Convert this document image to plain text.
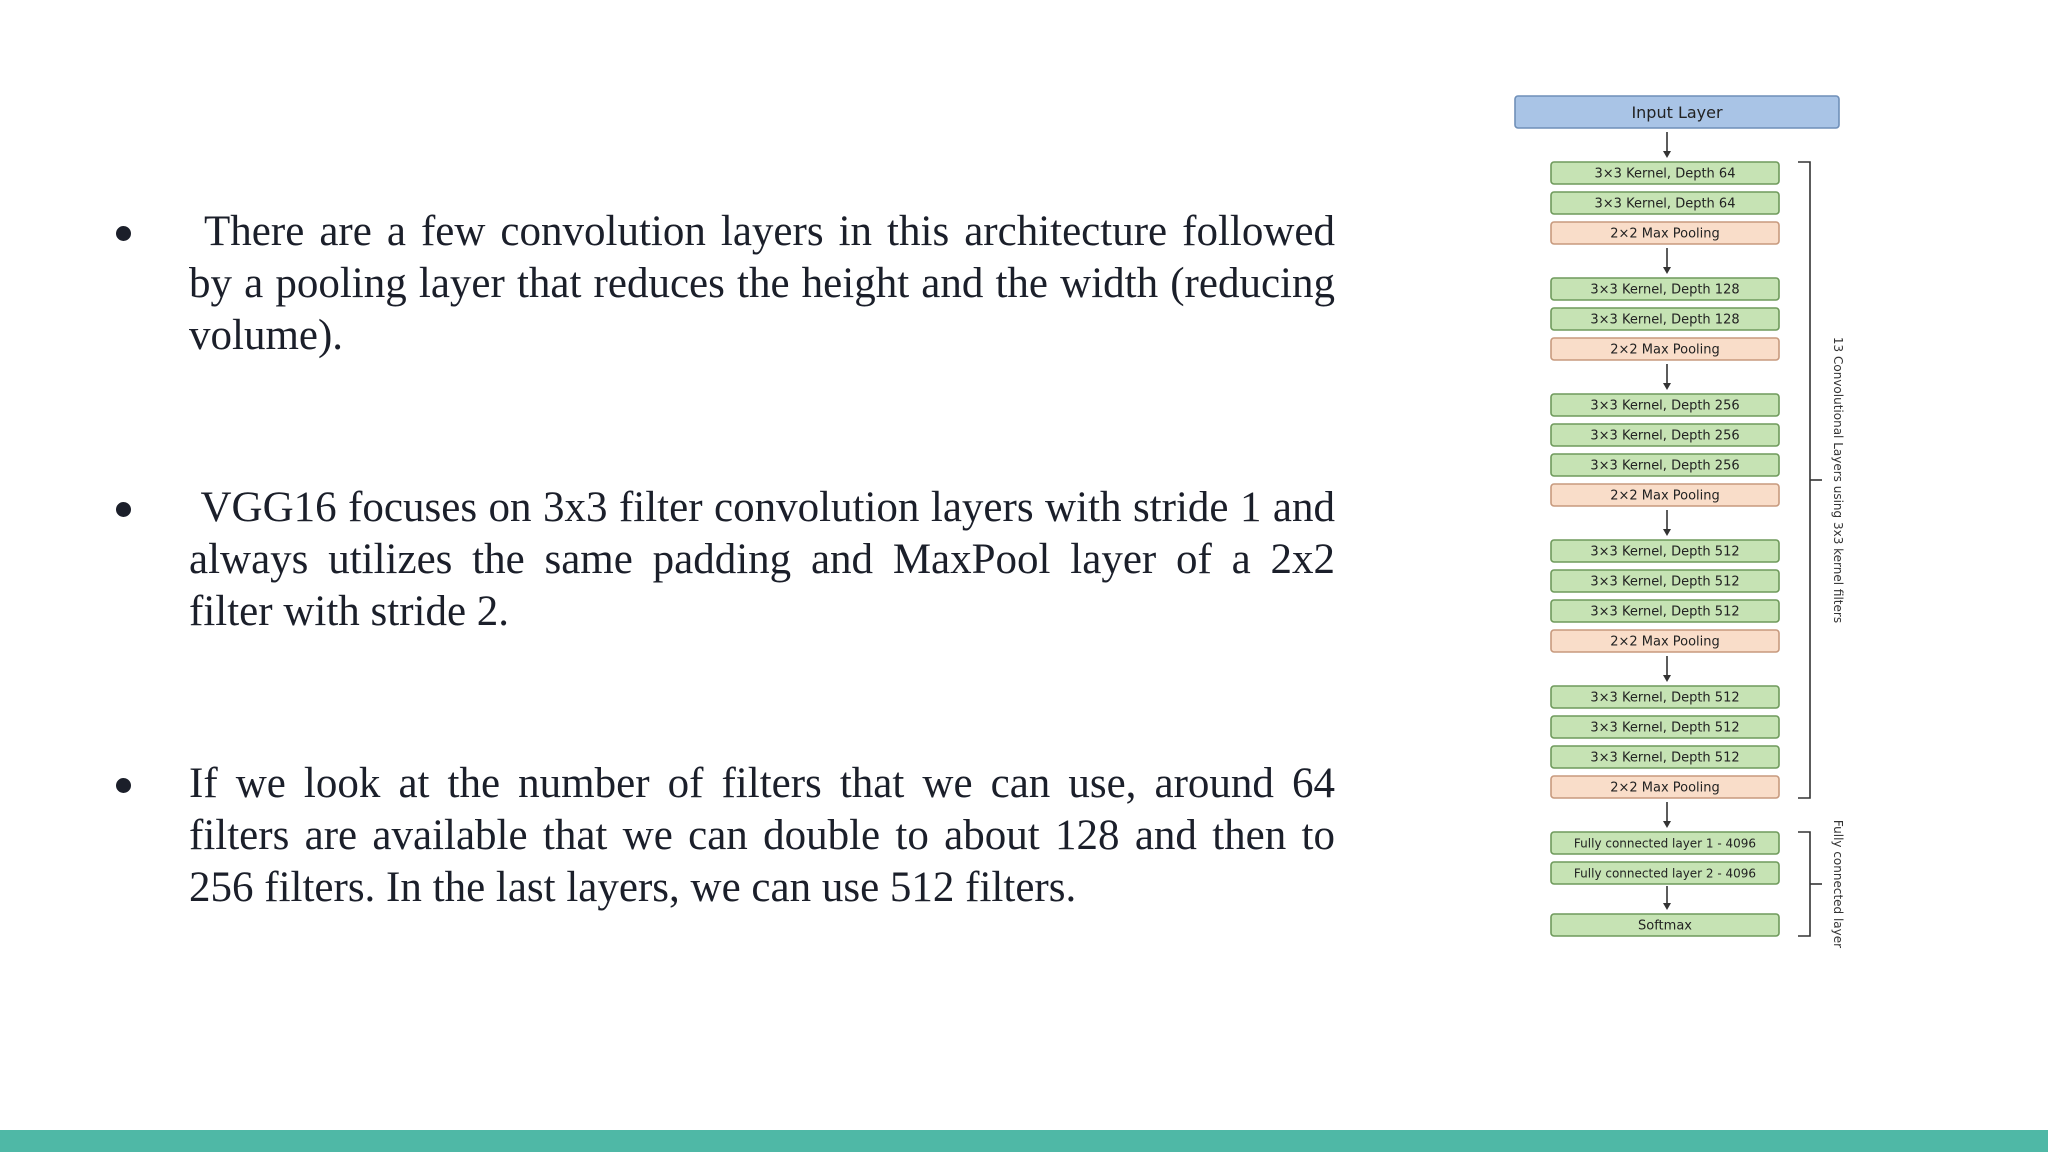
There are a few convolution layers in this architecture followed by a pooling layer that reduces the height and the width (reducing volume).
VGG16 focuses on 3x3 filter convolution layers with stride 1 and always utilizes the same padding and MaxPool layer of a 2x2 filter with stride 2.
If we look at the number of filters that we can use, around 64 filters are available that we can double to about 128 and then to 256 filters. In the last layers, we can use 512 filters.
Input Layer
3×3 Kernel, Depth 64
3×3 Kernel, Depth 64
2×2 Max Pooling
3×3 Kernel, Depth 128
3×3 Kernel, Depth 128
2×2 Max Pooling
3×3 Kernel, Depth 256
3×3 Kernel, Depth 256
3×3 Kernel, Depth 256
2×2 Max Pooling
3×3 Kernel, Depth 512
3×3 Kernel, Depth 512
3×3 Kernel, Depth 512
2×2 Max Pooling
3×3 Kernel, Depth 512
3×3 Kernel, Depth 512
3×3 Kernel, Depth 512
2×2 Max Pooling
13 Convolutional Layers using 3x3 kernel filters
Fully connected layer 1 - 4096
Fully connected layer 2 - 4096
Softmax	Fully connected layer
